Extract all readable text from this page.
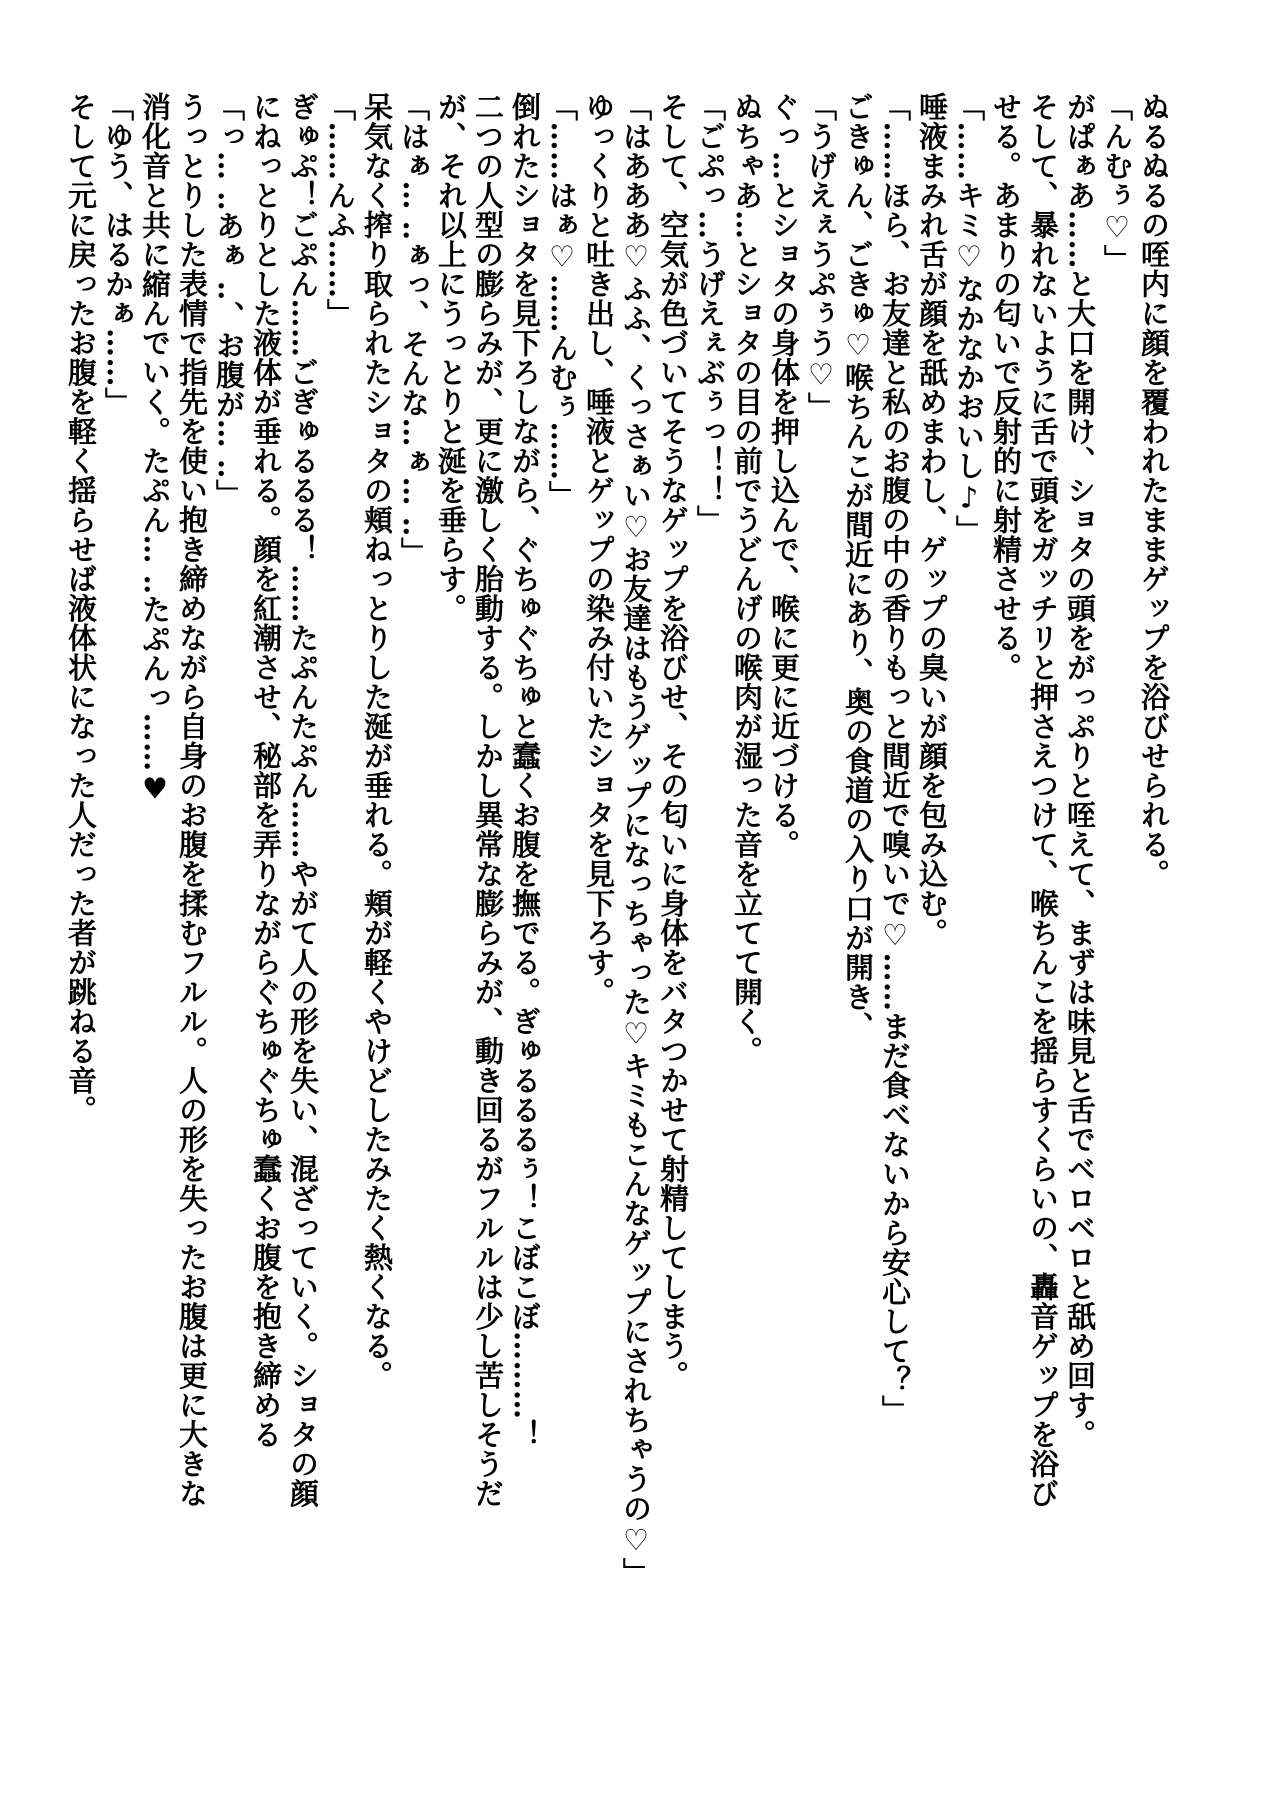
ぬるぬるの咥内に顔を覆われたままゲップを浴びせられる。

「んむぅ♡」

がぱぁあ……と大口を開け、ショタの頭をがっぷりと咥えて、まずは味見と舌でベロベロと舐め回す。

そして、暴れないように舌で頭をガッチリと押さえつけて、喉ちんこを揺らすくらいの、轟音ゲップを浴び

せる。あまりの匂いで反射的に射精させる。

「……キミ♡なかなかおいし♪」

唾液まみれ舌が顔を舐めまわし、ゲップの臭いが顔を包み込む。

「……ほら、お友達と私のお腹の中の香りもっと間近で嗅いで♡……まだ食べないから安心して？」

ごきゅん、ごきゅ♡喉ちんこが間近にあり、奥の食道の入り口が開き、

「うげえぇうぷぅう♡」

ぐっ…とショタの身体を押し込んで、喉に更に近づける。

ぬちゃあ…とショタの目の前でうどんげの喉肉が湿った音を立てて開く。

「ごぷっ…うげえぇぶぅっ！！」

そして、空気が色づいてそうなゲップを浴びせ、その匂いに身体をバタつかせて射精してしまう。

「はあああ♡ふふ、くっさぁい♡お友達はもうゲップになっちゃった♡キミもこんなゲップにされちゃうの♡」

ゆっくりと吐き出し、唾液とゲップの染み付いたショタを見下ろす。

「……はぁ♡……んむぅ……」

倒れたショタを見下ろしながら、ぐちゅぐちゅと蠢くお腹を撫でる。ぎゅるるるぅ！こぼこぼ………！

二つの人型の膨らみが、更に激しく胎動する。しかし異常な膨らみが、動き回るがフルルは少し苦しそうだ

が、それ以上にうっとりと涎を垂らす。

「はぁ… ‥ぁっ、そんな…ぁ… ‥」

呆気なく搾り取られたショタの頬ねっとりした涎が垂れる。頬が軽くやけどしたみたく熱くなる。

「……んふ……」

ぎゅぷ！ごぷん……ごぎゅるるる！……たぷんたぷん……やがて人の形を失い、混ざっていく。ショタの顔

にねっとりとした液体が垂れる。顔を紅潮させ、秘部を弄りながらぐちゅぐちゅ蠢くお腹を抱き締める

「っ… ‥あぁ ‥、お腹が… ‥」

うっとりした表情で指先を使い抱き締めながら自身のお腹を揉むフルル。人の形を失ったお腹は更に大きな

消化音と共に縮んでいく。たぷん… ‥たぷんっ……♥

「ゆう、はるかぁ……」

そして元に戻ったお腹を軽く揺らせば液体状になった人だった者が跳ねる音。
